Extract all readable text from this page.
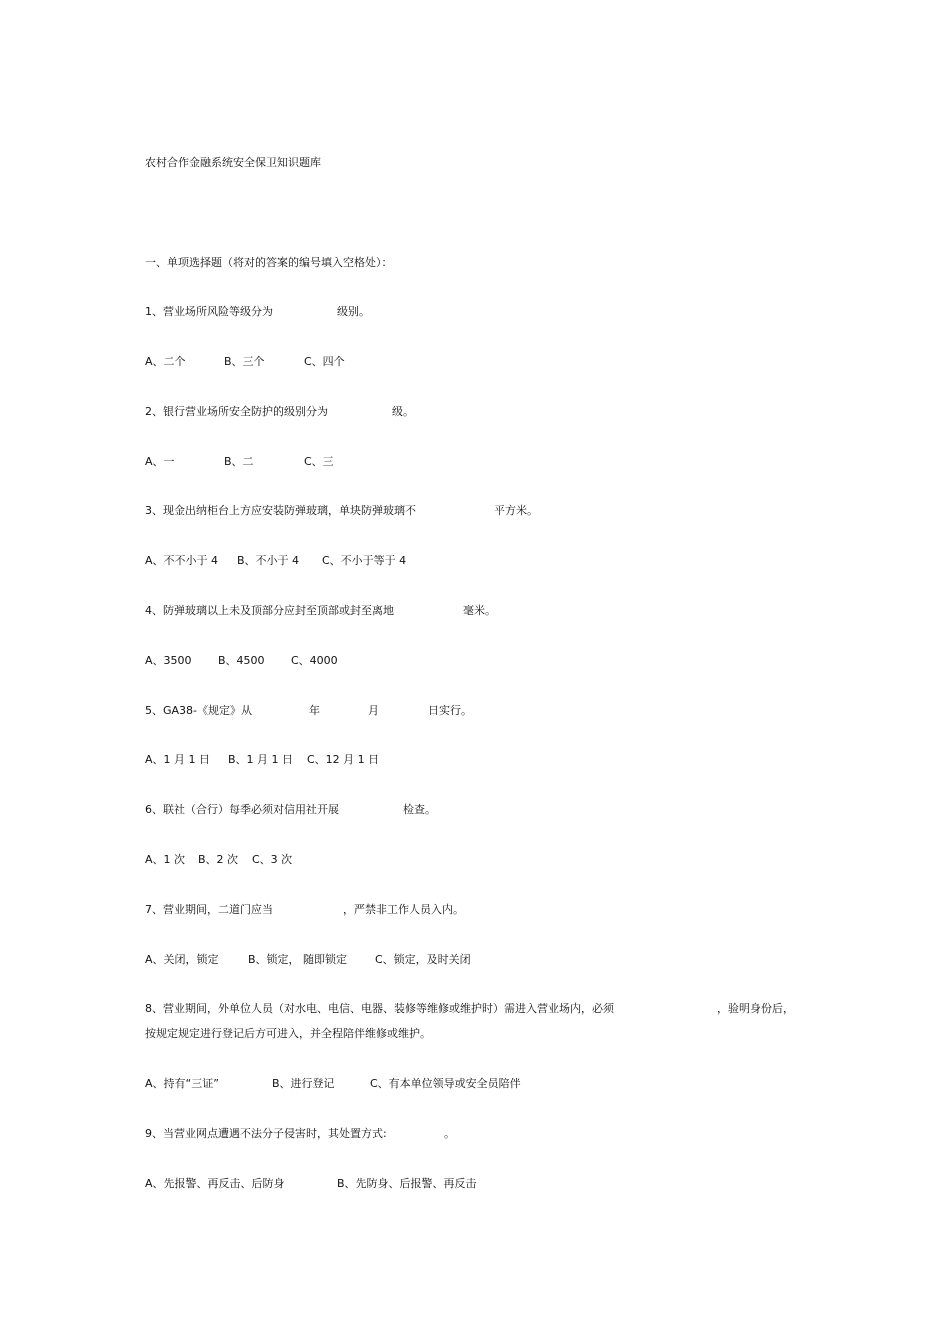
农村合作金融系统安全保卫知识题库
一、单项选择题（将对的答案的编号填入空格处）：
1、营业场所风险等级分为	级别。
A、二个	B、三个	C、四个
2、银行营业场所安全防护的级别分为	级。
A、一	B、二	C、三
3、现金出纳柜台上方应安装防弹玻璃，单块防弹玻璃不	平方米。
A、不不小于 4 B、不小于 4 C、不小于等于 4
4、防弹玻璃以上未及顶部分应封至顶部或封至离地	毫米。
A、3500 B、4500 C、4000
5、GA38-《规定》从	年	月	日实行。
A、1 月 1 日 B、1 月 1 日 C、12 月 1 日
6、联社（合行）每季必须对信用社开展	检查。
A、1 次 B、2 次 C、3 次
7、营业期间，二道门应当	，严禁非工作人员入内。
A、关闭，锁定	B、锁定， 随即锁定	C、锁定，及时关闭
8、营业期间，外单位人员（对水电、电信、电器、装修等维修或维护时）需进入营业场内，必须	，验明身份后，
按规定规定进行登记后方可进入，并全程陪伴维修或维护。
A、持有“三证”	B、进行登记	C、有本单位领导或安全员陪伴
9、当营业网点遭遇不法分子侵害时，其处置方式:	。
A、先报警、再反击、后防身	B、先防身、后报警、再反击
